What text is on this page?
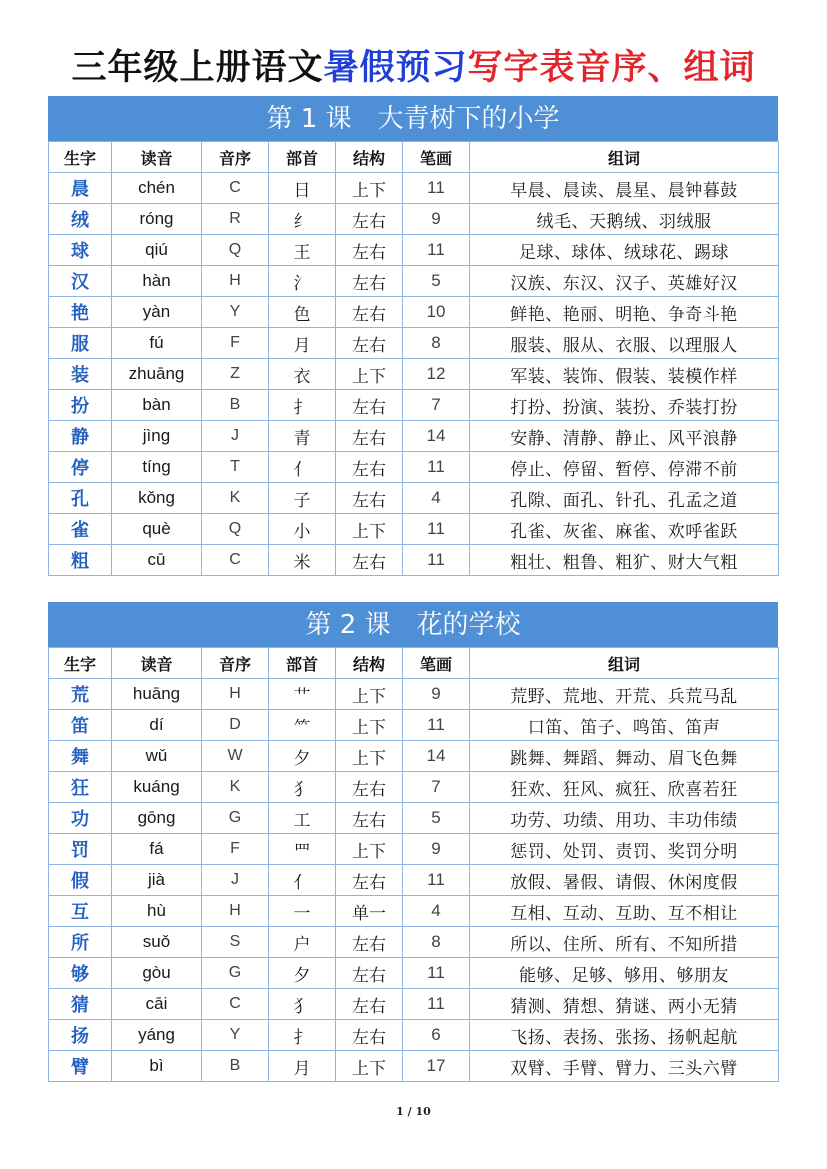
三年级上册语文暑假预习写字表音序、组词
第 1 课　大青树下的小学
生字	读音	音序	部首	结构	笔画	组词
晨	chén	C	日	上下	11	早晨、晨读、晨星、晨钟暮鼓
绒	róng	R	纟	左右	9	绒毛、天鹅绒、羽绒服
球	qiú	Q	王	左右	11	足球、球体、绒球花、踢球
汉	hàn	H	氵	左右	5	汉族、东汉、汉子、英雄好汉
艳	yàn	Y	色	左右	10	鲜艳、艳丽、明艳、争奇斗艳
服	fú	F	月	左右	8	服装、服从、衣服、以理服人
装	zhuāng	Z	衣	上下	12	军装、装饰、假装、装模作样
扮	bàn	B	扌	左右	7	打扮、扮演、装扮、乔装打扮
静	jìng	J	青	左右	14	安静、清静、静止、风平浪静
停	tíng	T	亻	左右	11	停止、停留、暂停、停滞不前
孔	kǒng	K	子	左右	4	孔隙、面孔、针孔、孔孟之道
雀	què	Q	小	上下	11	孔雀、灰雀、麻雀、欢呼雀跃
粗	cū	C	米	左右	11	粗壮、粗鲁、粗犷、财大气粗
第 2 课　花的学校
生字	读音	音序	部首	结构	笔画	组词
荒	huāng	H	艹	上下	9	荒野、荒地、开荒、兵荒马乱
笛	dí	D	⺮	上下	11	口笛、笛子、鸣笛、笛声
舞	wǔ	W	夕	上下	14	跳舞、舞蹈、舞动、眉飞色舞
狂	kuáng	K	犭	左右	7	狂欢、狂风、疯狂、欣喜若狂
功	gōng	G	工	左右	5	功劳、功绩、用功、丰功伟绩
罚	fá	F	罒	上下	9	惩罚、处罚、责罚、奖罚分明
假	jià	J	亻	左右	11	放假、暑假、请假、休闲度假
互	hù	H	一	单一	4	互相、互动、互助、互不相让
所	suǒ	S	户	左右	8	所以、住所、所有、不知所措
够	gòu	G	夕	左右	11	能够、足够、够用、够朋友
猜	cāi	C	犭	左右	11	猜测、猜想、猜谜、两小无猜
扬	yáng	Y	扌	左右	6	飞扬、表扬、张扬、扬帆起航
臂	bì	B	月	上下	17	双臂、手臂、臂力、三头六臂
1 / 10
